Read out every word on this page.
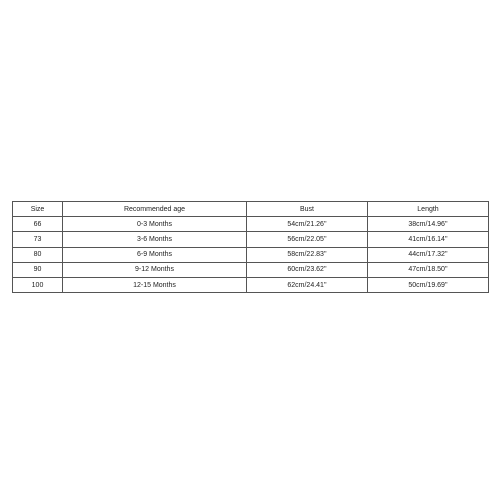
Size	Recommended age	Bust	Length
66	0-3 Months	54cm/21.26''	38cm/14.96''
73	3-6 Months	56cm/22.05''	41cm/16.14''
80	6-9 Months	58cm/22.83''	44cm/17.32''
90	9-12 Months	60cm/23.62''	47cm/18.50''
100	12-15 Months	62cm/24.41''	50cm/19.69''
